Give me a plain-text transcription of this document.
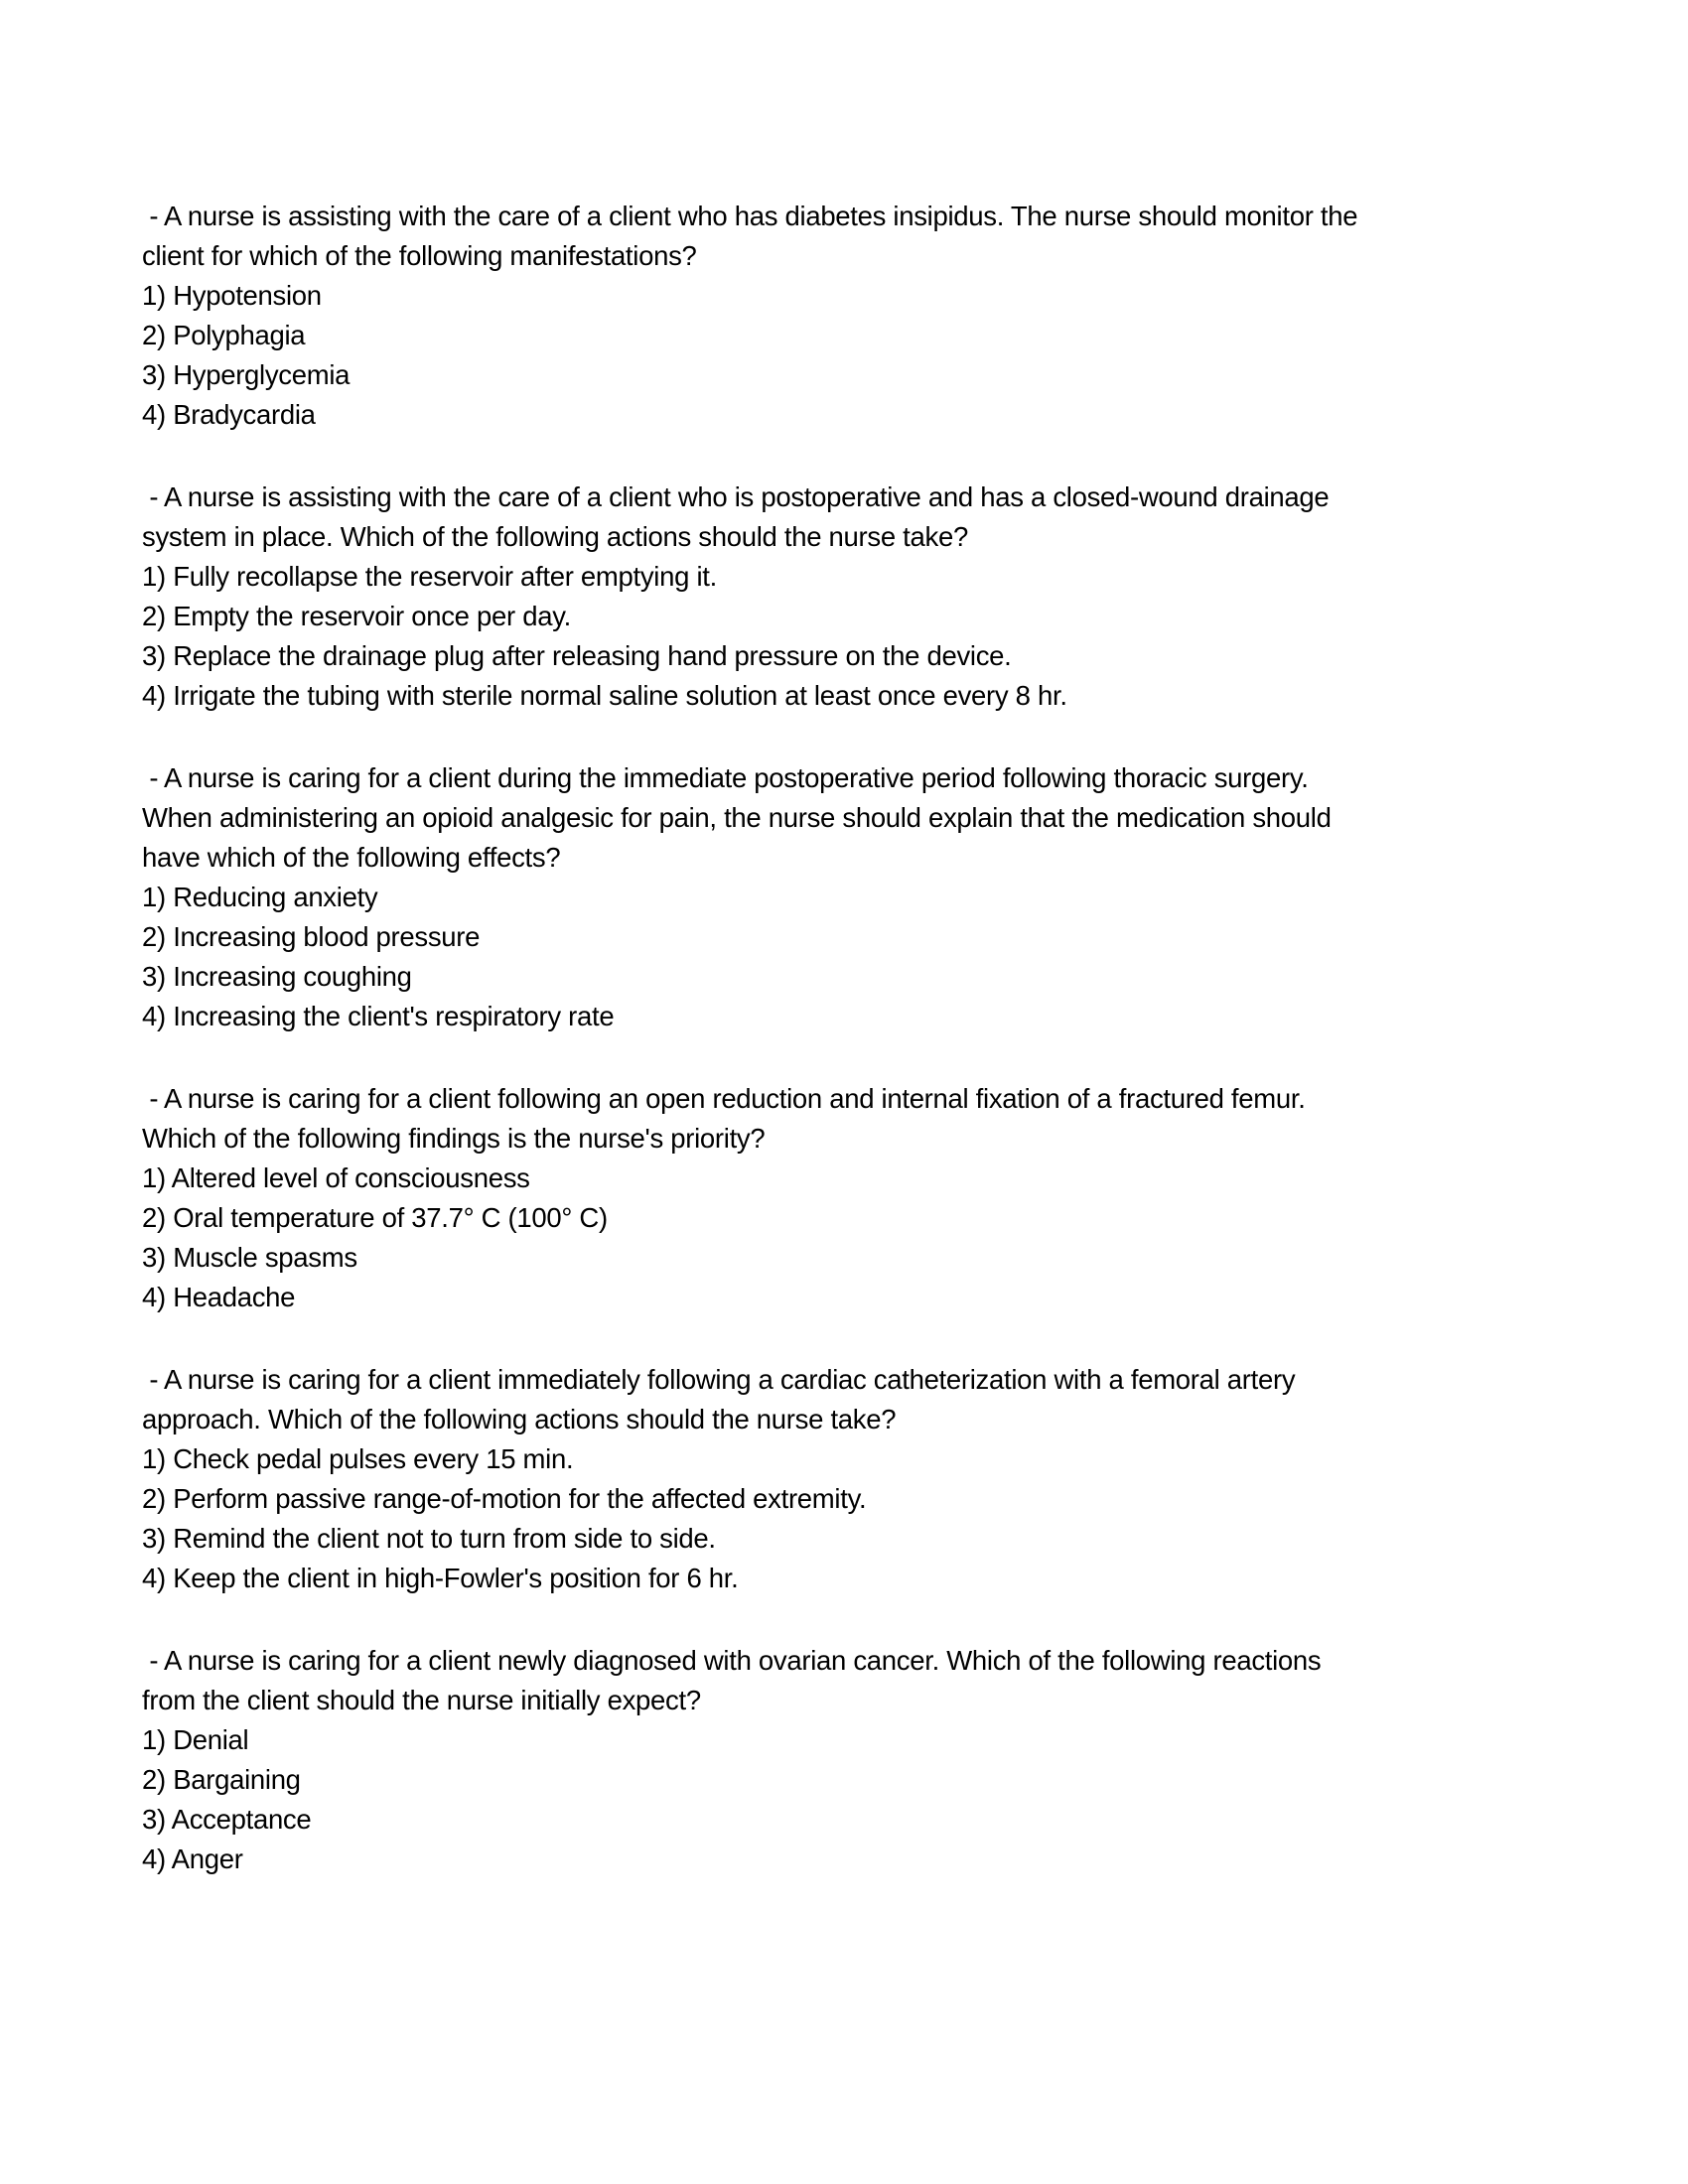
- A nurse is assisting with the care of a client who has diabetes insipidus. The nurse should monitor the
client for which of the following manifestations?
1) Hypotension
2) Polyphagia
3) Hyperglycemia
4) Bradycardia
- A nurse is assisting with the care of a client who is postoperative and has a closed-wound drainage
system in place. Which of the following actions should the nurse take?
1) Fully recollapse the reservoir after emptying it.
2) Empty the reservoir once per day.
3) Replace the drainage plug after releasing hand pressure on the device.
4) Irrigate the tubing with sterile normal saline solution at least once every 8 hr.
- A nurse is caring for a client during the immediate postoperative period following thoracic surgery.
When administering an opioid analgesic for pain, the nurse should explain that the medication should
have which of the following effects?
1) Reducing anxiety
2) Increasing blood pressure
3) Increasing coughing
4) Increasing the client's respiratory rate
- A nurse is caring for a client following an open reduction and internal fixation of a fractured femur.
Which of the following findings is the nurse's priority?
1) Altered level of consciousness
2) Oral temperature of 37.7° C (100° C)
3) Muscle spasms
4) Headache
- A nurse is caring for a client immediately following a cardiac catheterization with a femoral artery
approach. Which of the following actions should the nurse take?
1) Check pedal pulses every 15 min.
2) Perform passive range-of-motion for the affected extremity.
3) Remind the client not to turn from side to side.
4) Keep the client in high-Fowler's position for 6 hr.
- A nurse is caring for a client newly diagnosed with ovarian cancer. Which of the following reactions
from the client should the nurse initially expect?
1) Denial
2) Bargaining
3) Acceptance
4) Anger
